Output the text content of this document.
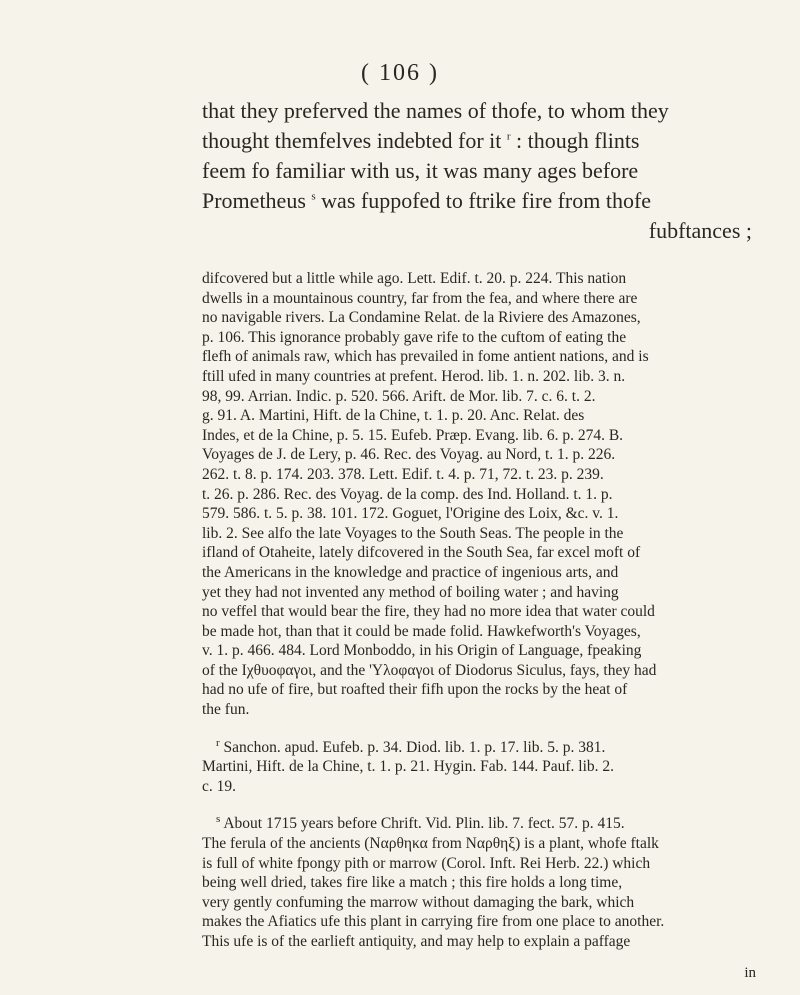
( 106 )
that they preferved the names of thofe, to whom they
thought themfelves indebted for it $^r$ : though flints
feem fo familiar with us, it was many ages before
Prometheus $^s$ was fuppofed to ftrike fire from thofe
fubftances ;
difcovered but a little while ago. Lett. Edif. t. 20. p. 224. This nation
dwells in a mountainous country, far from the fea, and where there are
no navigable rivers. La Condamine Relat. de la Riviere des Amazones,
p. 106. This ignorance probably gave rife to the cuftom of eating the
flefh of animals raw, which has prevailed in fome antient nations, and is
ftill ufed in many countries at prefent. Herod. lib. 1. n. 202. lib. 3. n.
98, 99. Arrian. Indic. p. 520. 566. Arift. de Mor. lib. 7. c. 6. t. 2.
g. 91. A. Martini, Hift. de la Chine, t. 1. p. 20. Anc. Relat. des
Indes, et de la Chine, p. 5. 15. Eufeb. Præp. Evang. lib. 6. p. 274. B.
Voyages de J. de Lery, p. 46. Rec. des Voyag. au Nord, t. 1. p. 226.
262. t. 8. p. 174. 203. 378. Lett. Edif. t. 4. p. 71, 72. t. 23. p. 239.
t. 26. p. 286. Rec. des Voyag. de la comp. des Ind. Holland. t. 1. p.
579. 586. t. 5. p. 38. 101. 172. Goguet, l'Origine des Loix, &c. v. 1.
lib. 2. See alfo the late Voyages to the South Seas. The people in the
ifland of Otaheite, lately difcovered in the South Sea, far excel moft of
the Americans in the knowledge and practice of ingenious arts, and
yet they had not invented any method of boiling water ; and having
no veffel that would bear the fire, they had no more idea that water could
be made hot, than that it could be made folid. Hawkefworth's Voyages,
v. 1. p. 466. 484. Lord Monboddo, in his Origin of Language, fpeaking
of the Ιχθυοφαγοι, and the 'Υλοφαγοι of Diodorus Siculus, fays, they had
had no ufe of fire, but roafted their fifh upon the rocks by the heat of
the fun.
$^r$ Sanchon. apud. Eufeb. p. 34. Diod. lib. 1. p. 17. lib. 5. p. 381.
Martini, Hift. de la Chine, t. 1. p. 21. Hygin. Fab. 144. Pauf. lib. 2.
c. 19.
$^s$ About 1715 years before Chrift. Vid. Plin. lib. 7. fect. 57. p. 415.
The ferula of the ancients (Ναρθηκα from Ναρθηξ) is a plant, whofe ftalk
is full of white fpongy pith or marrow (Corol. Inft. Rei Herb. 22.) which
being well dried, takes fire like a match ; this fire holds a long time,
very gently confuming the marrow without damaging the bark, which
makes the Afiatics ufe this plant in carrying fire from one place to another.
This ufe is of the earlieft antiquity, and may help to explain a paffage
in
